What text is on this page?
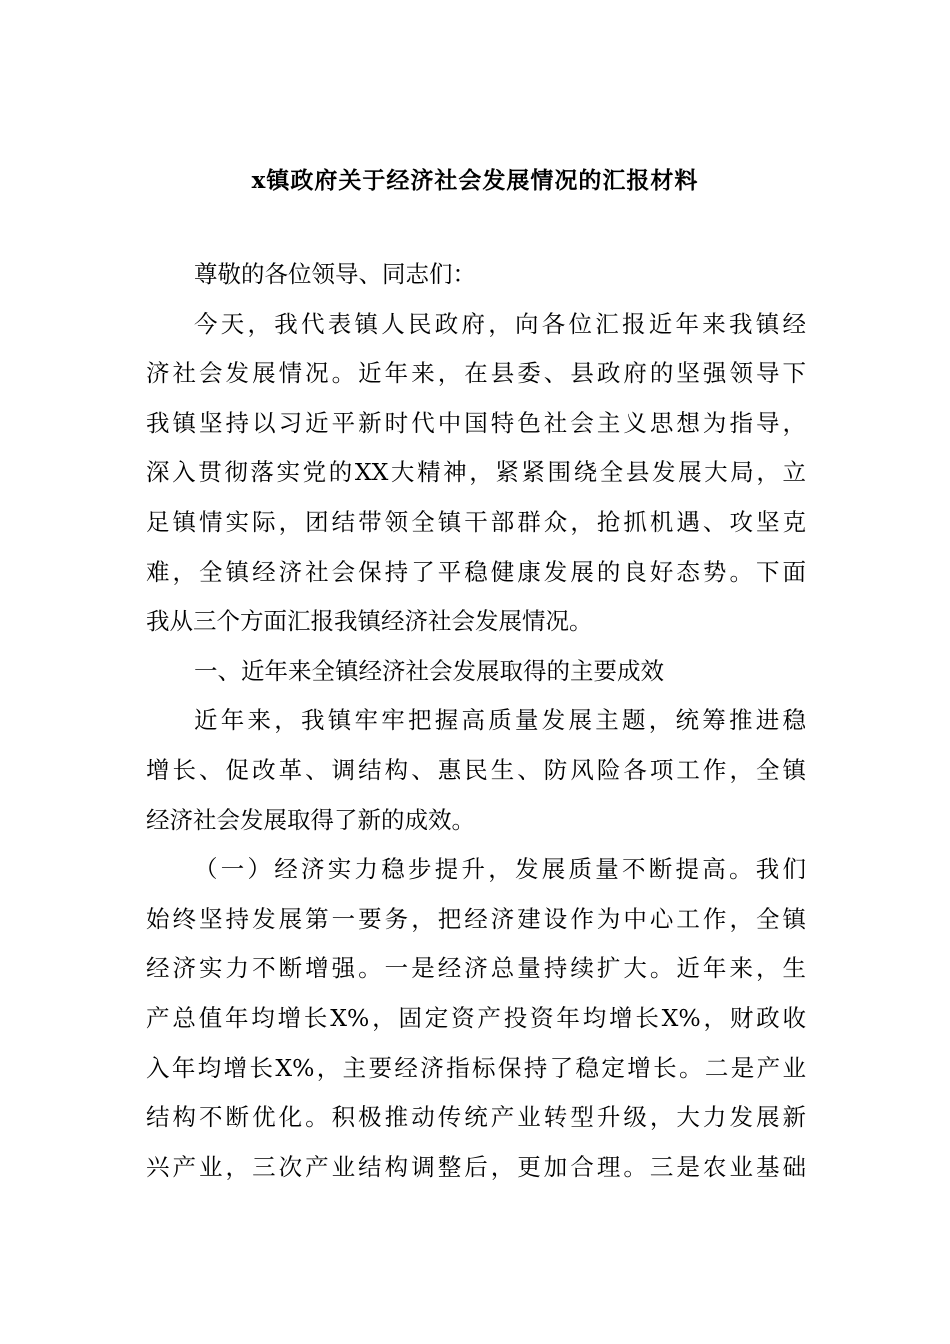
x镇政府关于经济社会发展情况的汇报材料
尊敬的各位领导、同志们：
今天，我代表镇人民政府，向各位汇报近年来我镇经
济社会发展情况。近年来，在县委、县政府的坚强领导下
我镇坚持以习近平新时代中国特色社会主义思想为指导，
深入贯彻落实党的XX大精神，紧紧围绕全县发展大局，立
足镇情实际，团结带领全镇干部群众，抢抓机遇、攻坚克
难，全镇经济社会保持了平稳健康发展的良好态势。下面
我从三个方面汇报我镇经济社会发展情况。
一、近年来全镇经济社会发展取得的主要成效
近年来，我镇牢牢把握高质量发展主题，统筹推进稳
增长、促改革、调结构、惠民生、防风险各项工作，全镇
经济社会发展取得了新的成效。
（一）经济实力稳步提升，发展质量不断提高。我们
始终坚持发展第一要务，把经济建设作为中心工作，全镇
经济实力不断增强。一是经济总量持续扩大。近年来，生
产总值年均增长X%，固定资产投资年均增长X%，财政收
入年均增长X%，主要经济指标保持了稳定增长。二是产业
结构不断优化。积极推动传统产业转型升级，大力发展新
兴产业，三次产业结构调整后，更加合理。三是农业基础
